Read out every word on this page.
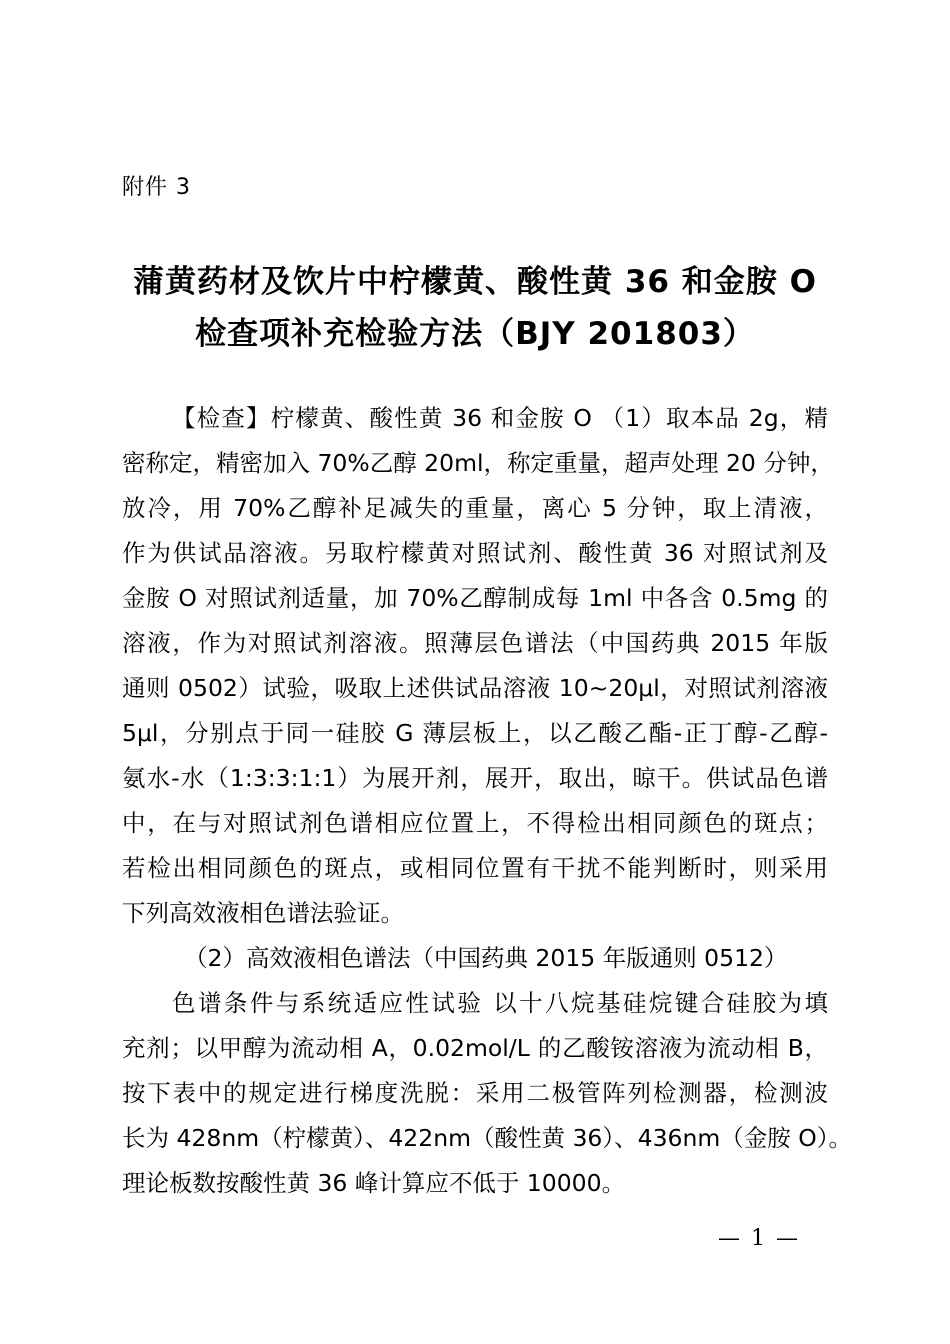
附件 3
蒲黄药材及饮片中柠檬黄、酸性黄 36 和金胺 O
检查项补充检验方法（BJY 201803）
【检查】柠檬黄、酸性黄 36 和金胺 O （1）取本品 2g，精
密称定，精密加入 70%乙醇 20ml，称定重量，超声处理 20 分钟，
放冷，用 70%乙醇补足减失的重量，离心 5 分钟，取上清液，
作为供试品溶液。另取柠檬黄对照试剂、酸性黄 36 对照试剂及
金胺 O 对照试剂适量，加 70%乙醇制成每 1ml 中各含 0.5mg 的
溶液，作为对照试剂溶液。照薄层色谱法（中国药典 2015 年版
通则 0502）试验，吸取上述供试品溶液 10~20μl，对照试剂溶液
5μl，分别点于同一硅胶 G 薄层板上，以乙酸乙酯-正丁醇-乙醇-
氨水-水（1:3:3:1:1）为展开剂，展开，取出，晾干。供试品色谱
中，在与对照试剂色谱相应位置上，不得检出相同颜色的斑点；
若检出相同颜色的斑点，或相同位置有干扰不能判断时，则采用
下列高效液相色谱法验证。
（2）高效液相色谱法（中国药典 2015 年版通则 0512）
色谱条件与系统适应性试验 以十八烷基硅烷键合硅胶为填
充剂；以甲醇为流动相 A，0.02mol/L 的乙酸铵溶液为流动相 B，
按下表中的规定进行梯度洗脱：采用二极管阵列检测器，检测波
长为 428nm（柠檬黄）、422nm（酸性黄 36）、436nm（金胺 O）。
理论板数按酸性黄 36 峰计算应不低于 10000。
— 1 —
